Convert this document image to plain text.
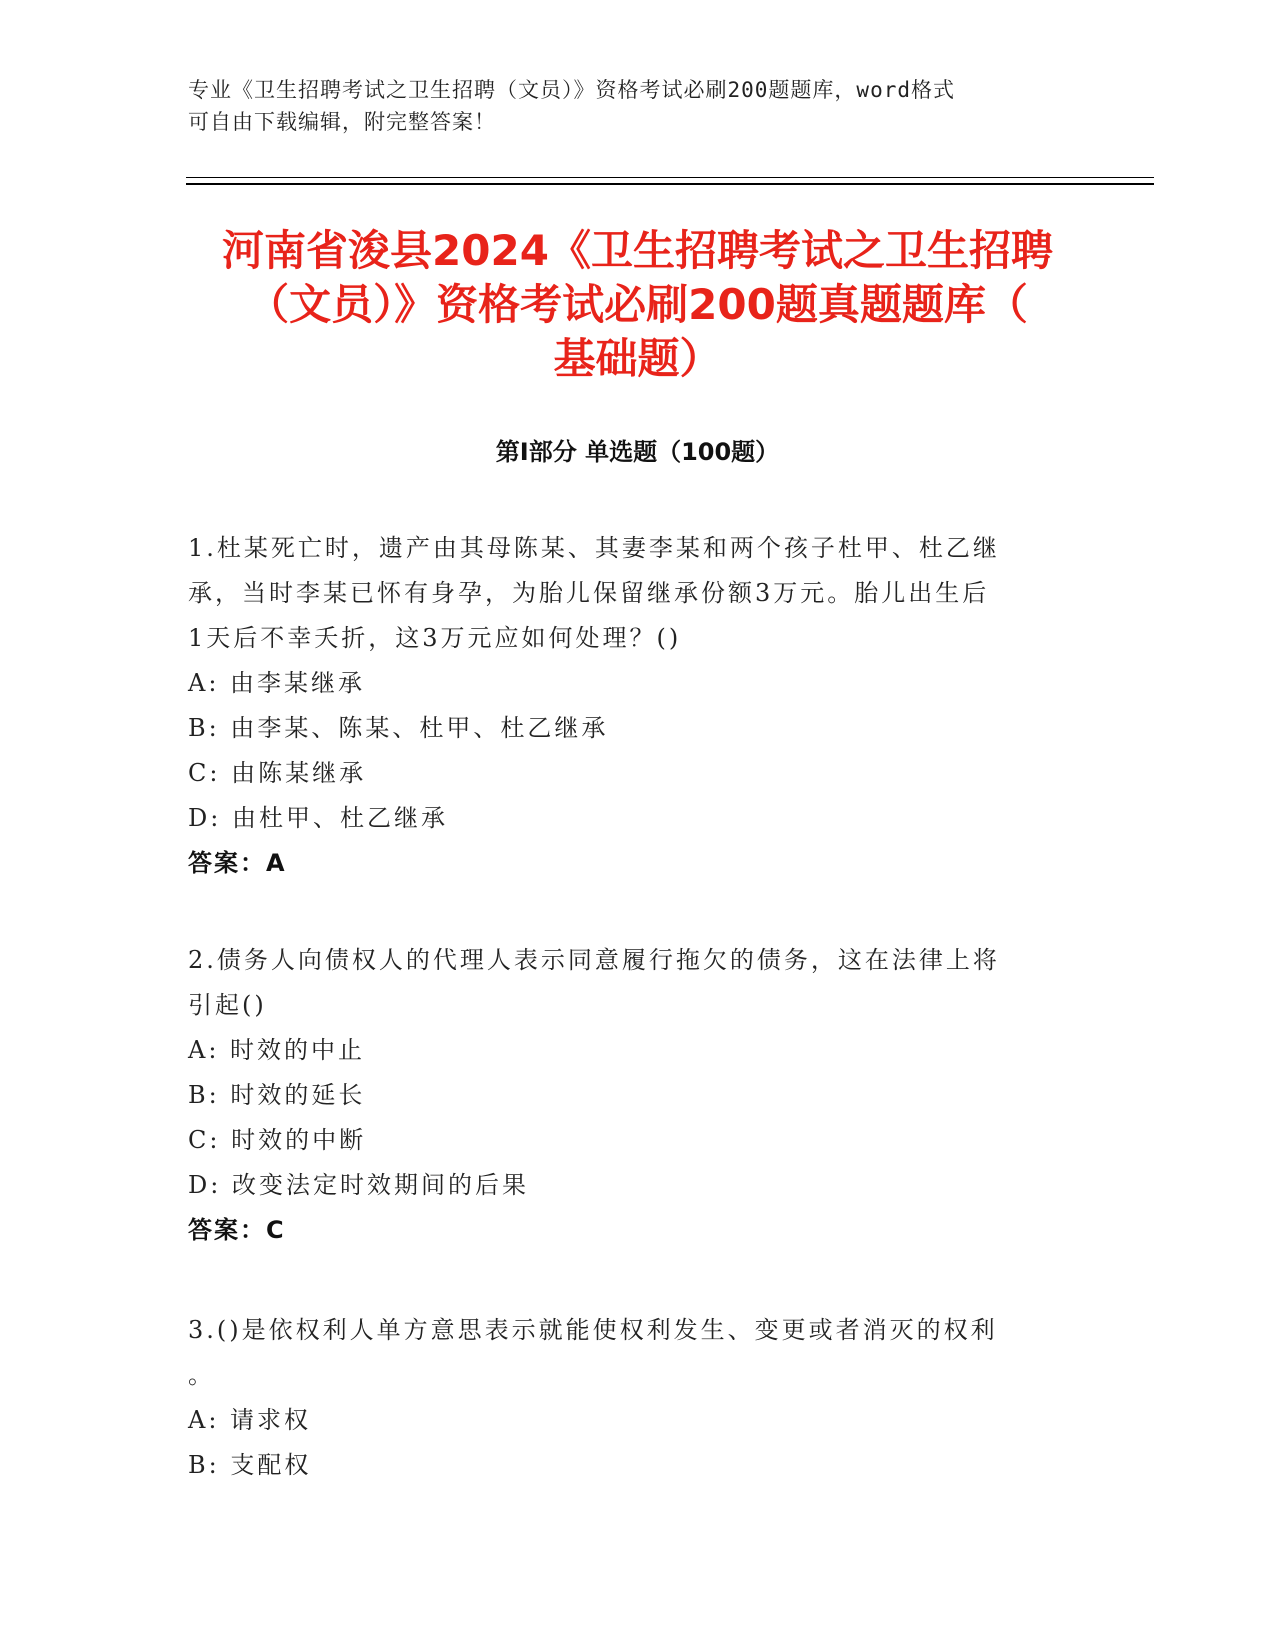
专业《卫生招聘考试之卫生招聘（文员）》资格考试必刷200题题库，word格式
可自由下载编辑，附完整答案！
河南省浚县2024《卫生招聘考试之卫生招聘
（文员）》资格考试必刷200题真题题库（
基础题）
第Ⅰ部分 单选题（100题）
1.杜某死亡时，遗产由其母陈某、其妻李某和两个孩子杜甲、杜乙继
承，当时李某已怀有身孕，为胎儿保留继承份额3万元。胎儿出生后
1天后不幸夭折，这3万元应如何处理？()
A: 由李某继承
B: 由李某、陈某、杜甲、杜乙继承
C: 由陈某继承
D: 由杜甲、杜乙继承
答案：A
2.债务人向债权人的代理人表示同意履行拖欠的债务，这在法律上将
引起()
A: 时效的中止
B: 时效的延长
C: 时效的中断
D: 改变法定时效期间的后果
答案：C
3.()是依权利人单方意思表示就能使权利发生、变更或者消灭的权利
。
A: 请求权
B: 支配权
